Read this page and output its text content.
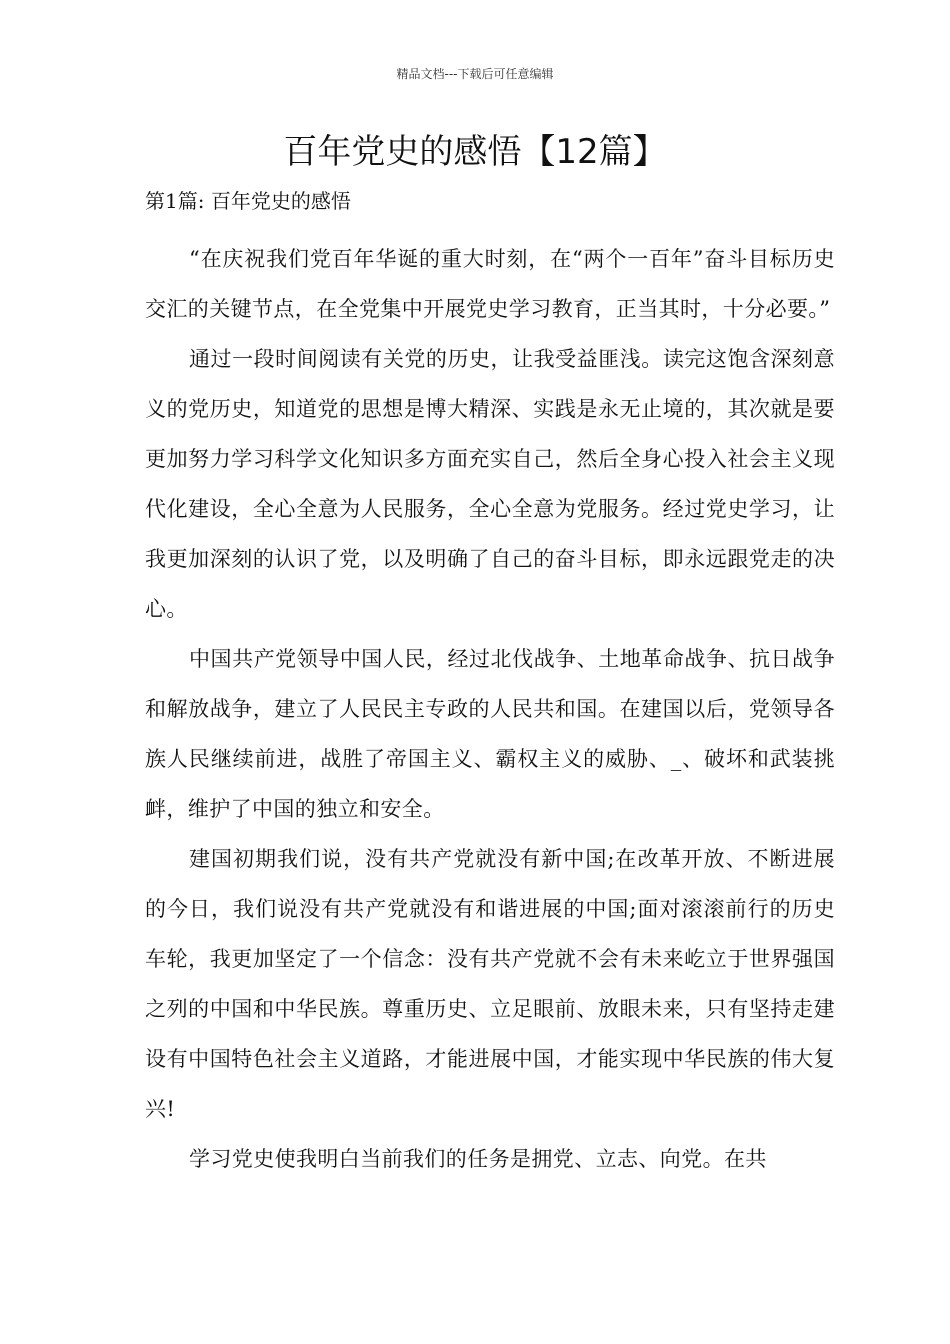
精品文档---下载后可任意编辑
百年党史的感悟【12篇】
第1篇: 百年党史的感悟

“在庆祝我们党百年华诞的重大时刻，在“两个一百年”奋斗目标历史交汇的关键节点，在全党集中开展党史学习教育，正当其时，十分必要。”

通过一段时间阅读有关党的历史，让我受益匪浅。读完这饱含深刻意义的党历史，知道党的思想是博大精深、实践是永无止境的，其次就是要更加努力学习科学文化知识多方面充实自己，然后全身心投入社会主义现代化建设，全心全意为人民服务，全心全意为党服务。经过党史学习，让我更加深刻的认识了党，以及明确了自己的奋斗目标，即永远跟党走的决心。

中国共产党领导中国人民，经过北伐战争、土地革命战争、抗日战争和解放战争，建立了人民民主专政的人民共和国。在建国以后，党领导各族人民继续前进，战胜了帝国主义、霸权主义的威胁、_、破坏和武装挑衅，维护了中国的独立和安全。

建国初期我们说，没有共产党就没有新中国;在改革开放、不断进展的今日，我们说没有共产党就没有和谐进展的中国;面对滚滚前行的历史车轮，我更加坚定了一个信念：没有共产党就不会有未来屹立于世界强国之列的中国和中华民族。尊重历史、立足眼前、放眼未来，只有坚持走建设有中国特色社会主义道路，才能进展中国，才能实现中华民族的伟大复兴!

学习党史使我明白当前我们的任务是拥党、立志、向党。在共
